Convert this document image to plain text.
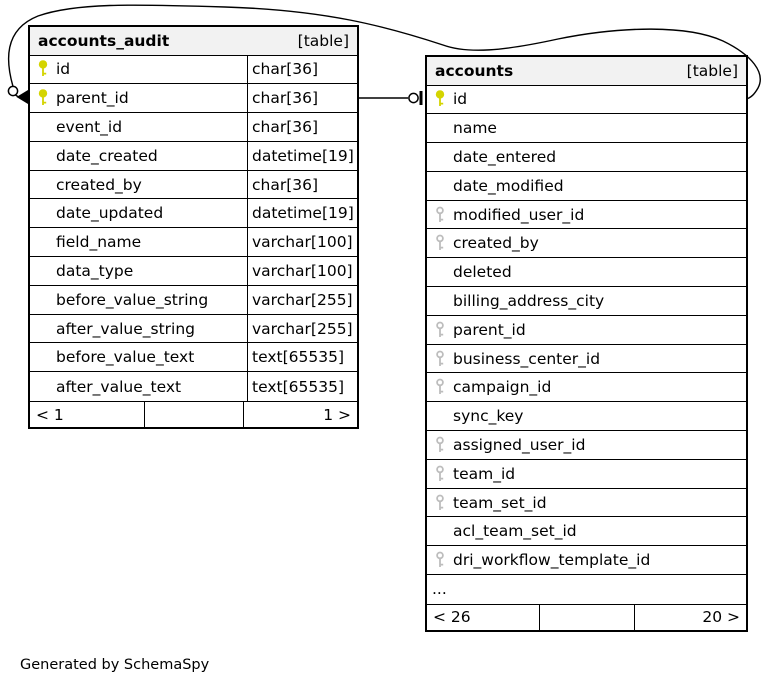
accounts_audit	[table]
id	char[36]
parent_id	char[36]
event_id	char[36]
date_created	datetime[19]
created_by	char[36]
date_updated	datetime[19]
field_name	varchar[100]
data_type	varchar[100]
before_value_string	varchar[255]
after_value_string	varchar[255]
before_value_text	text[65535]
after_value_text	text[65535]
< 1	1 >
accounts	[table]
id
name
date_entered
date_modified
modified_user_id
created_by
deleted
billing_address_city
parent_id
business_center_id
campaign_id
sync_key
assigned_user_id
team_id
team_set_id
acl_team_set_id
dri_workflow_template_id
...
< 26	20 >
Generated by SchemaSpy
